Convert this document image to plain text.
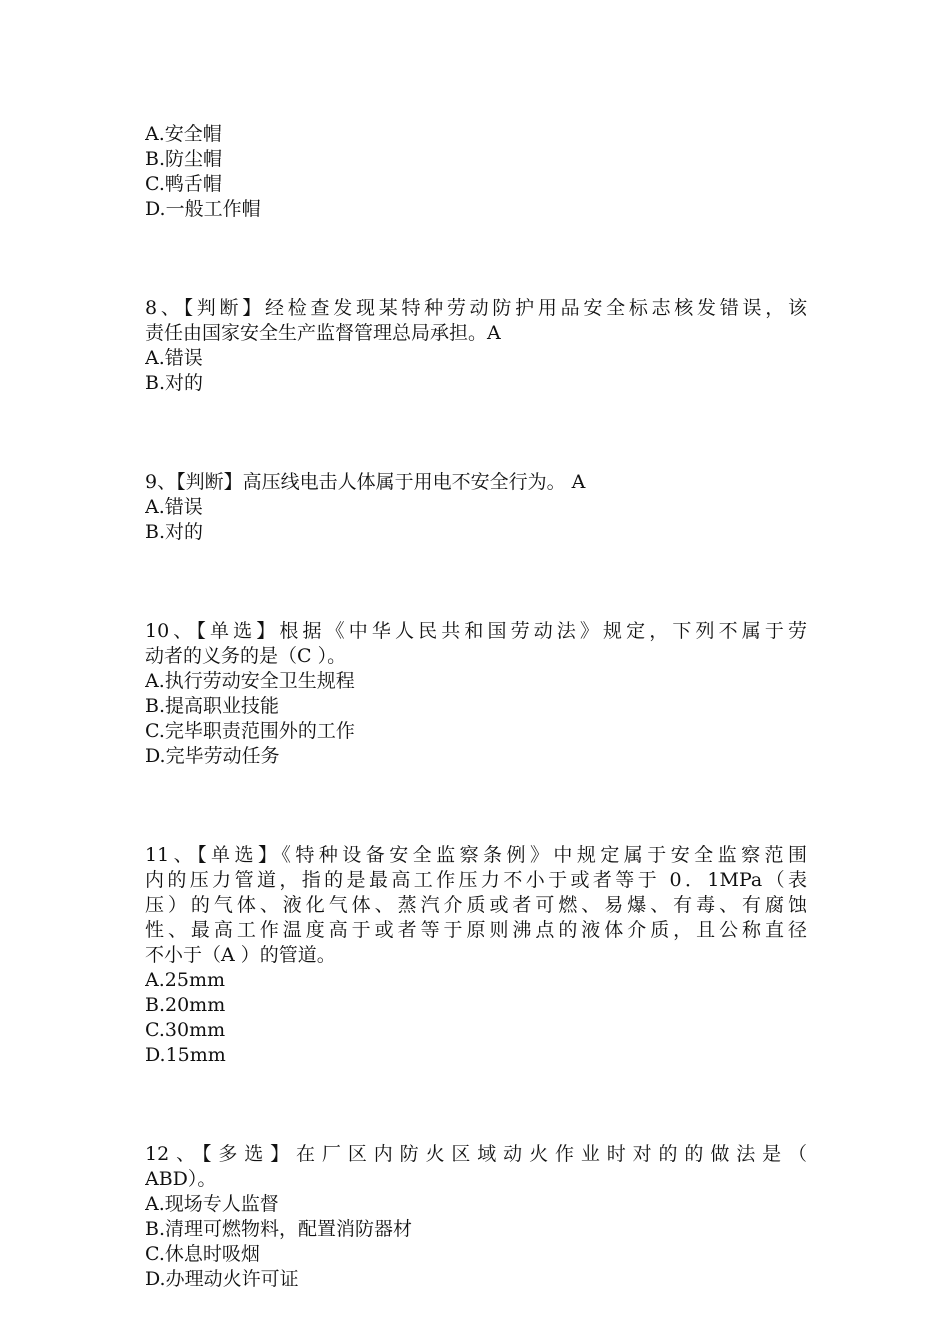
A.安全帽
B.防尘帽
C.鸭舌帽
D.一般工作帽
8、【判断】经检查发现某特种劳动防护用品安全标志核发错误，该
责任由国家安全生产监督管理总局承担。A
A.错误
B.对的
9、【判断】高压线电击人体属于用电不安全行为。 A
A.错误
B.对的
10、【单选】根据《中华人民共和国劳动法》规定，下列不属于劳
动者的义务的是（C ）。
A.执行劳动安全卫生规程
B.提高职业技能
C.完毕职责范围外的工作
D.完毕劳动任务
11、【单选】《特种设备安全监察条例》中规定属于安全监察范围
内的压力管道，指的是最高工作压力不小于或者等于 0．1MPa（表
压）的气体、液化气体、蒸汽介质或者可燃、易爆、有毒、有腐蚀
性、最高工作温度高于或者等于原则沸点的液体介质，且公称直径
不小于（A ）的管道。
A.25mm
B.20mm
C.30mm
D.15mm
12、【多选】在厂区内防火区域动火作业时对的的做法是（
ABD）。
A.现场专人监督
B.清理可燃物料，配置消防器材
C.休息时吸烟
D.办理动火许可证
